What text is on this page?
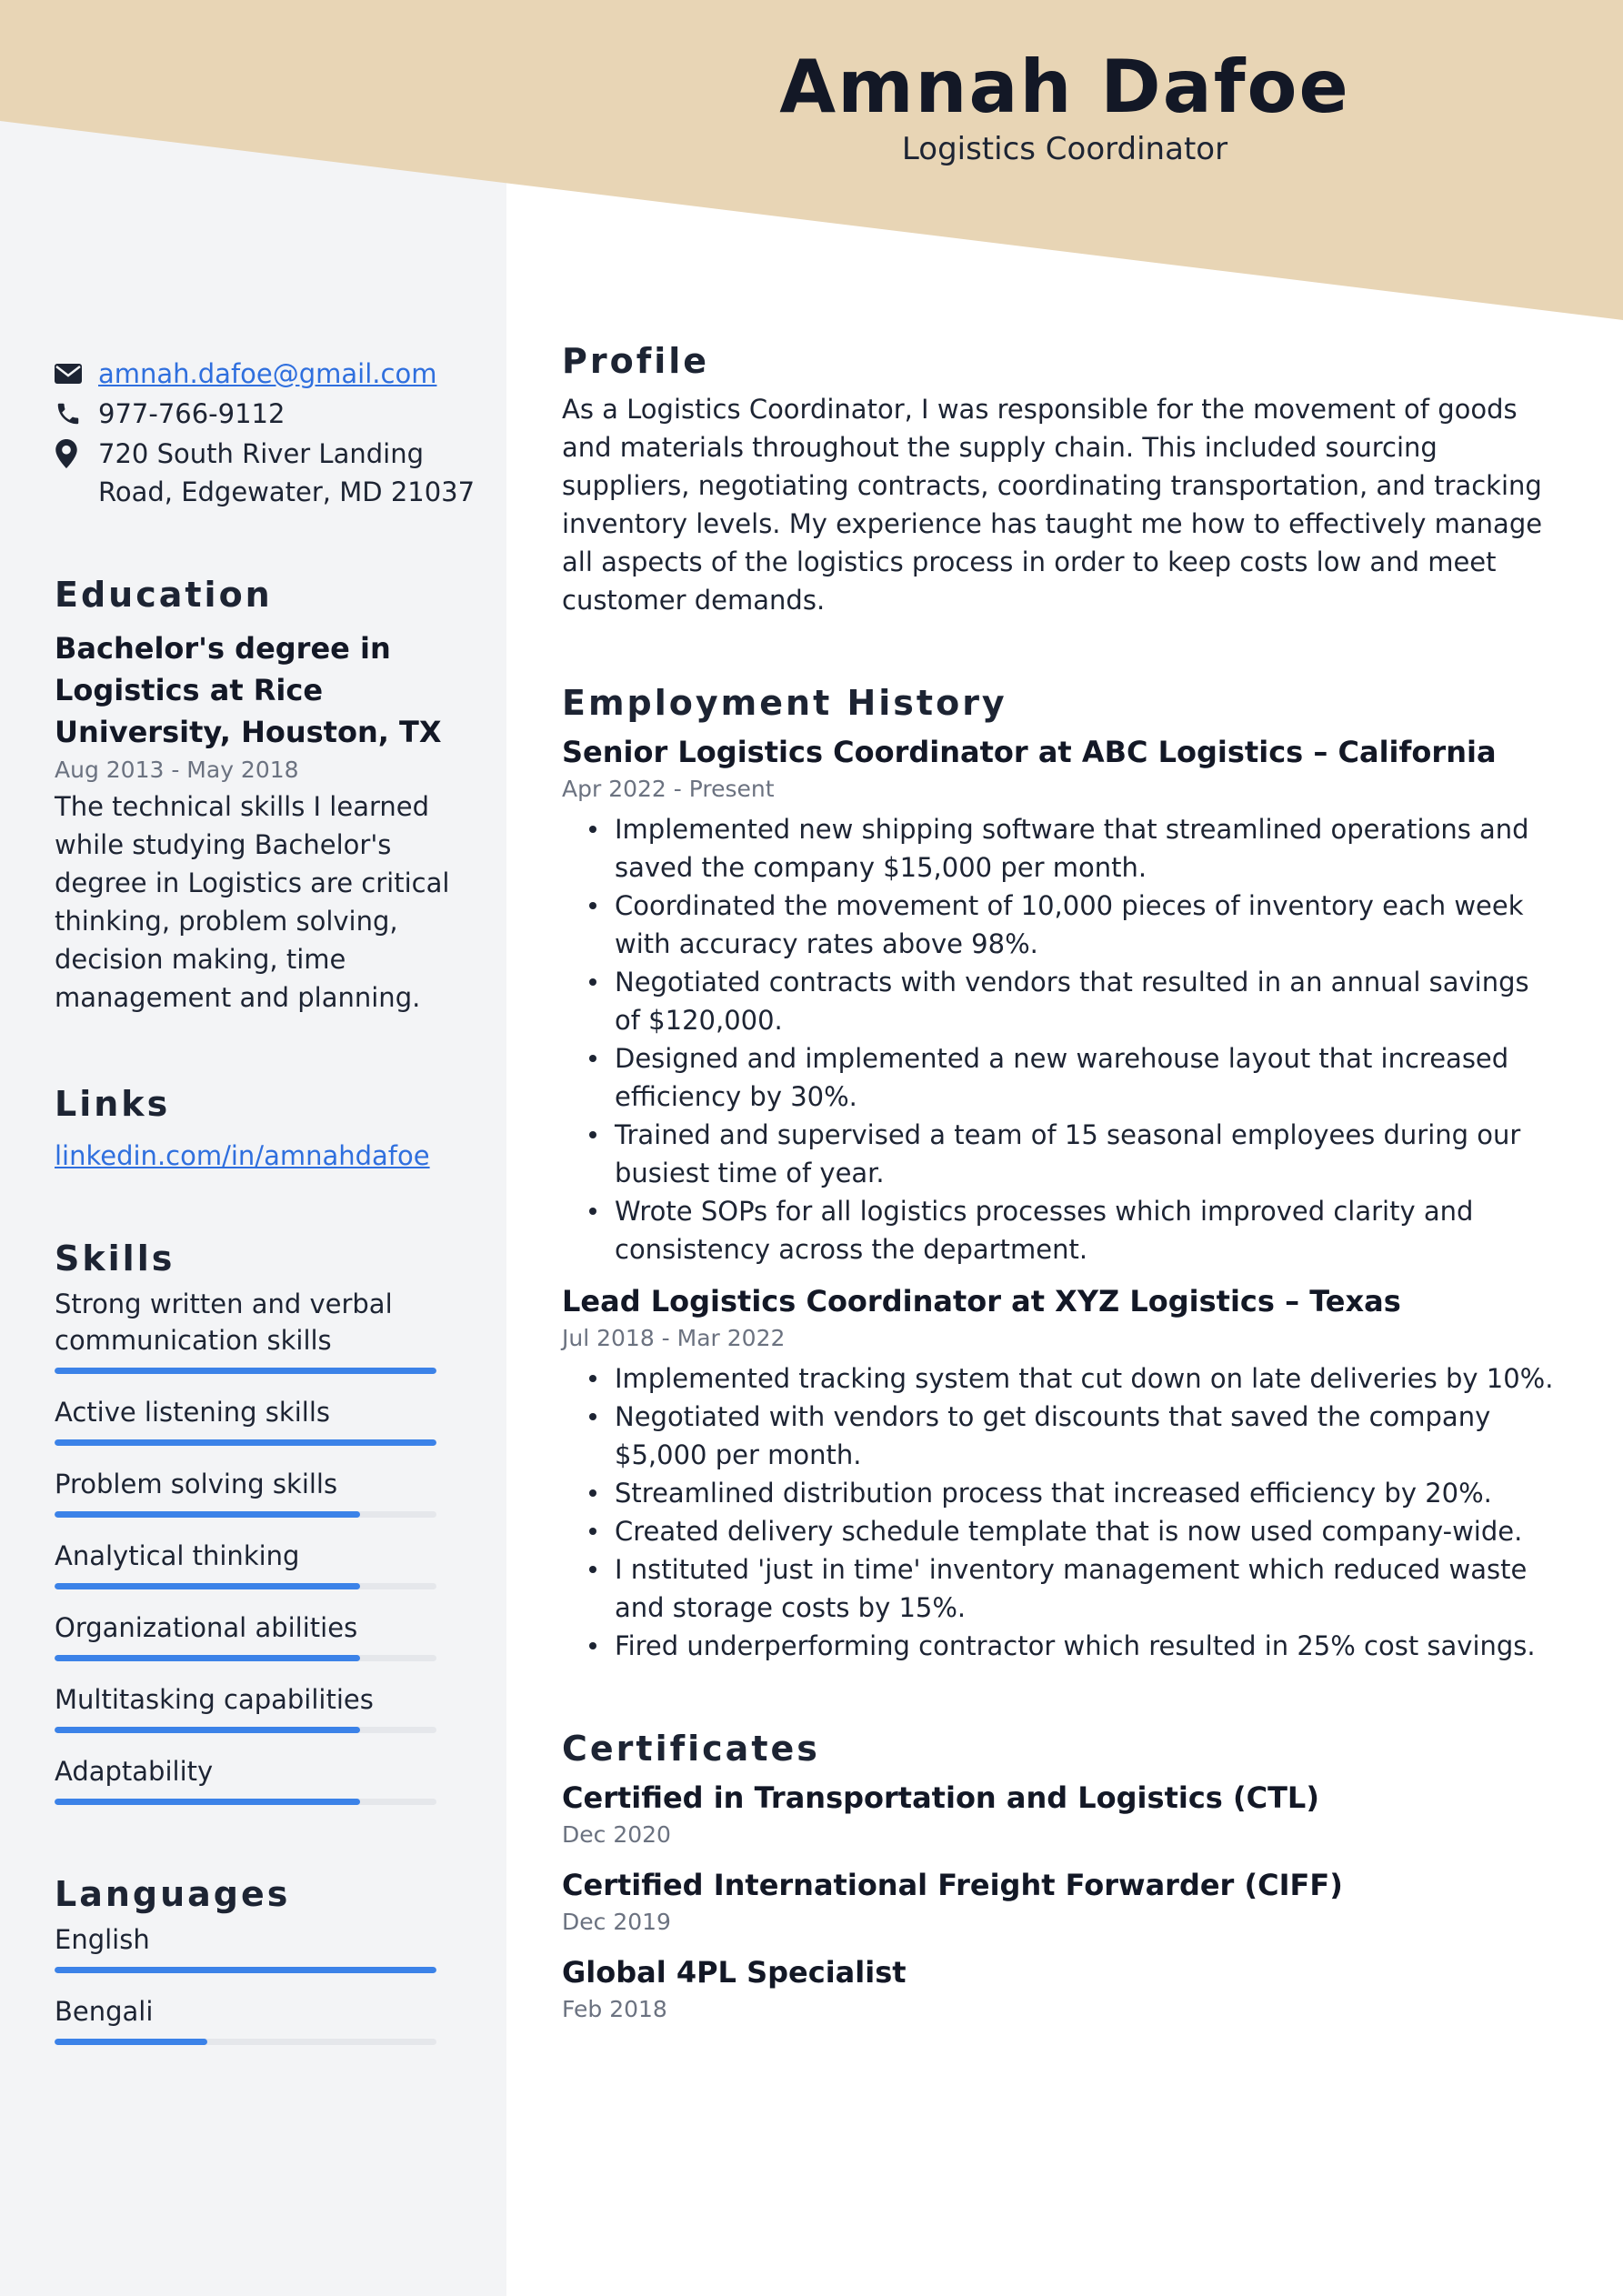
Amnah Dafoe
Logistics Coordinator
amnah.dafoe@gmail.com
977-766-9112
720 South River Landing
Road, Edgewater, MD 21037
Education
Bachelor's degree in Logistics at Rice University, Houston, TX
Aug 2013 - May 2018
The technical skills I learned while studying Bachelor's degree in Logistics are critical thinking, problem solving, decision making, time management and planning.
Links
linkedin.com/in/amnahdafoe
Skills
Strong written and verbal communication skills
Active listening skills
Problem solving skills
Analytical thinking
Organizational abilities
Multitasking capabilities
Adaptability
Languages
English
Bengali
Profile
As a Logistics Coordinator, I was responsible for the movement of goods and materials throughout the supply chain. This included sourcing suppliers, negotiating contracts, coordinating transportation, and tracking inventory levels. My experience has taught me how to effectively manage all aspects of the logistics process in order to keep costs low and meet customer demands.
Employment History
Senior Logistics Coordinator at ABC Logistics – California
Apr 2022 - Present
Implemented new shipping software that streamlined operations and saved the company $15,000 per month.
Coordinated the movement of 10,000 pieces of inventory each week with accuracy rates above 98%.
Negotiated contracts with vendors that resulted in an annual savings of $120,000.
Designed and implemented a new warehouse layout that increased efficiency by 30%.
Trained and supervised a team of 15 seasonal employees during our busiest time of year.
Wrote SOPs for all logistics processes which improved clarity and consistency across the department.
Lead Logistics Coordinator at XYZ Logistics – Texas
Jul 2018 - Mar 2022
Implemented tracking system that cut down on late deliveries by 10%.
Negotiated with vendors to get discounts that saved the company $5,000 per month.
Streamlined distribution process that increased efficiency by 20%.
Created delivery schedule template that is now used company-wide.
I nstituted 'just in time' inventory management which reduced waste and storage costs by 15%.
Fired underperforming contractor which resulted in 25% cost savings.
Certificates
Certified in Transportation and Logistics (CTL)
Dec 2020
Certified International Freight Forwarder (CIFF)
Dec 2019
Global 4PL Specialist
Feb 2018
